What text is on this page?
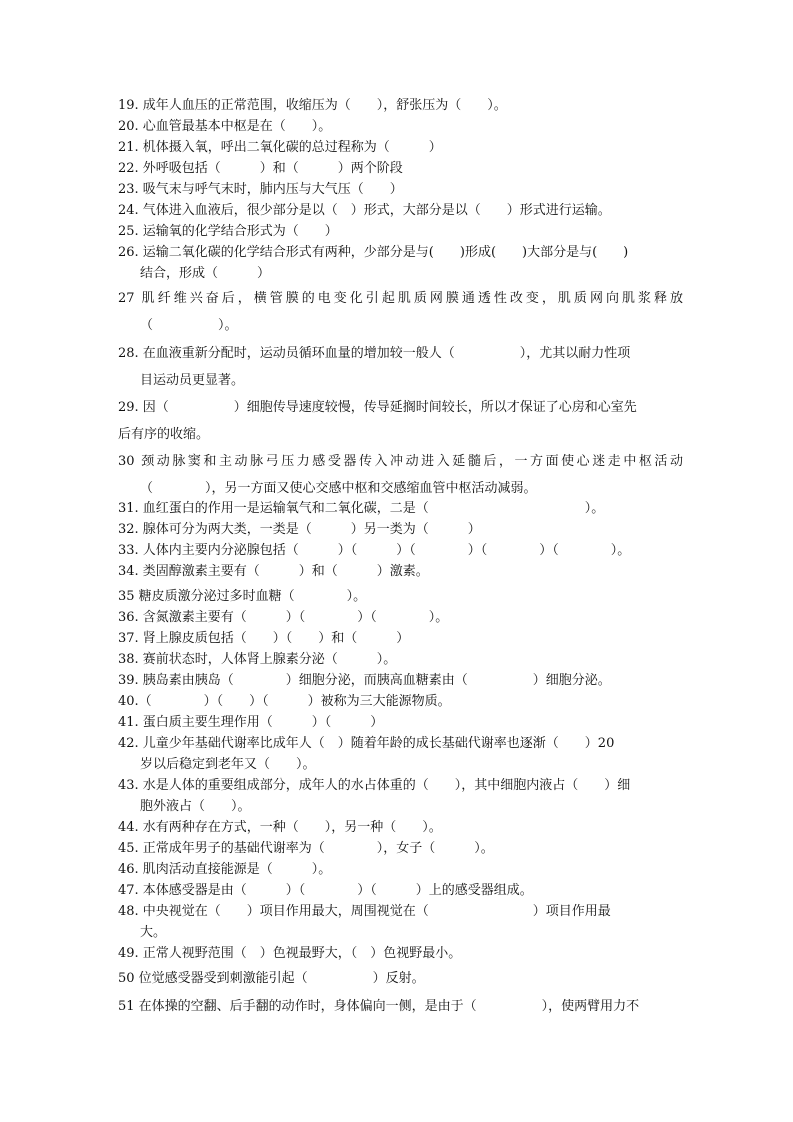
19. 成年人血压的正常范围，收缩压为（　　），舒张压为（　　）。
20. 心血管最基本中枢是在（　　）。
21. 机体摄入氧，呼出二氧化碳的总过程称为（　　　）
22. 外呼吸包括（　　　）和（　　　）两个阶段
23. 吸气末与呼气末时，肺内压与大气压（　　）
24. 气体进入血液后，很少部分是以（　）形式，大部分是以（　　）形式进行运输。
25. 运输氧的化学结合形式为（　　）
26. 运输二氧化碳的化学结合形式有两种，少部分是与(　　)形成(　　)大部分是与(　　)
结合，形成（　　　）
27 肌纤维兴奋后，横管膜的电变化引起肌质网膜通透性改变，肌质网向肌浆释放
（　　　　　）。
28. 在血液重新分配时，运动员循环血量的增加较一般人（　　　　　），尤其以耐力性项
目运动员更显著。
29. 因（　　　　　）细胞传导速度较慢，传导延搁时间较长，所以才保证了心房和心室先
后有序的收缩。
30 颈动脉窦和主动脉弓压力感受器传入冲动进入延髓后，一方面使心迷走中枢活动
（　　　　），另一方面又使心交感中枢和交感缩血管中枢活动减弱。
31. 血红蛋白的作用一是运输氧气和二氧化碳，二是（　　　　　　　　　　　　）。
32. 腺体可分为两大类，一类是（　　　）另一类为（　　　）
33. 人体内主要内分泌腺包括（　　　）（　　　）（　　　　）（　　　　）（　　　　）。
34. 类固醇激素主要有（　　　）和（　　　）激素。
35 糖皮质激分泌过多时血糖（　　　　）。
36. 含氮激素主要有（　　　）（　　　　）（　　　　）。
37. 肾上腺皮质包括（　　）（　　）和（　　　）
38. 赛前状态时，人体肾上腺素分泌（　　　）。
39. 胰岛素由胰岛（　　　　）细胞分泌，而胰高血糖素由（　　　　　）细胞分泌。
40.（　　　　）（　　）（　　　）被称为三大能源物质。
41. 蛋白质主要生理作用（　　　）（　　　）
42. 儿童少年基础代谢率比成年人（　）随着年龄的成长基础代谢率也逐渐（　　）20
岁以后稳定到老年又（　　）。
43. 水是人体的重要组成部分，成年人的水占体重的（　　），其中细胞内液占（　　）细
胞外液占（　　）。
44. 水有两种存在方式，一种（　　），另一种（　　）。
45. 正常成年男子的基础代谢率为（　　　　），女子（　　　）。
46. 肌肉活动直接能源是（　　　）。
47. 本体感受器是由（　　　）（　　　　）（　　　）上的感受器组成。
48. 中央视觉在（　　）项目作用最大，周围视觉在（　　　　　　　　）项目作用最
大。
49. 正常人视野范围（　）色视最野大，（　）色视野最小。
50 位觉感受器受到刺激能引起（　　　　　）反射。
51 在体操的空翻、后手翻的动作时，身体偏向一侧，是由于（　　　　　），使两臂用力不
